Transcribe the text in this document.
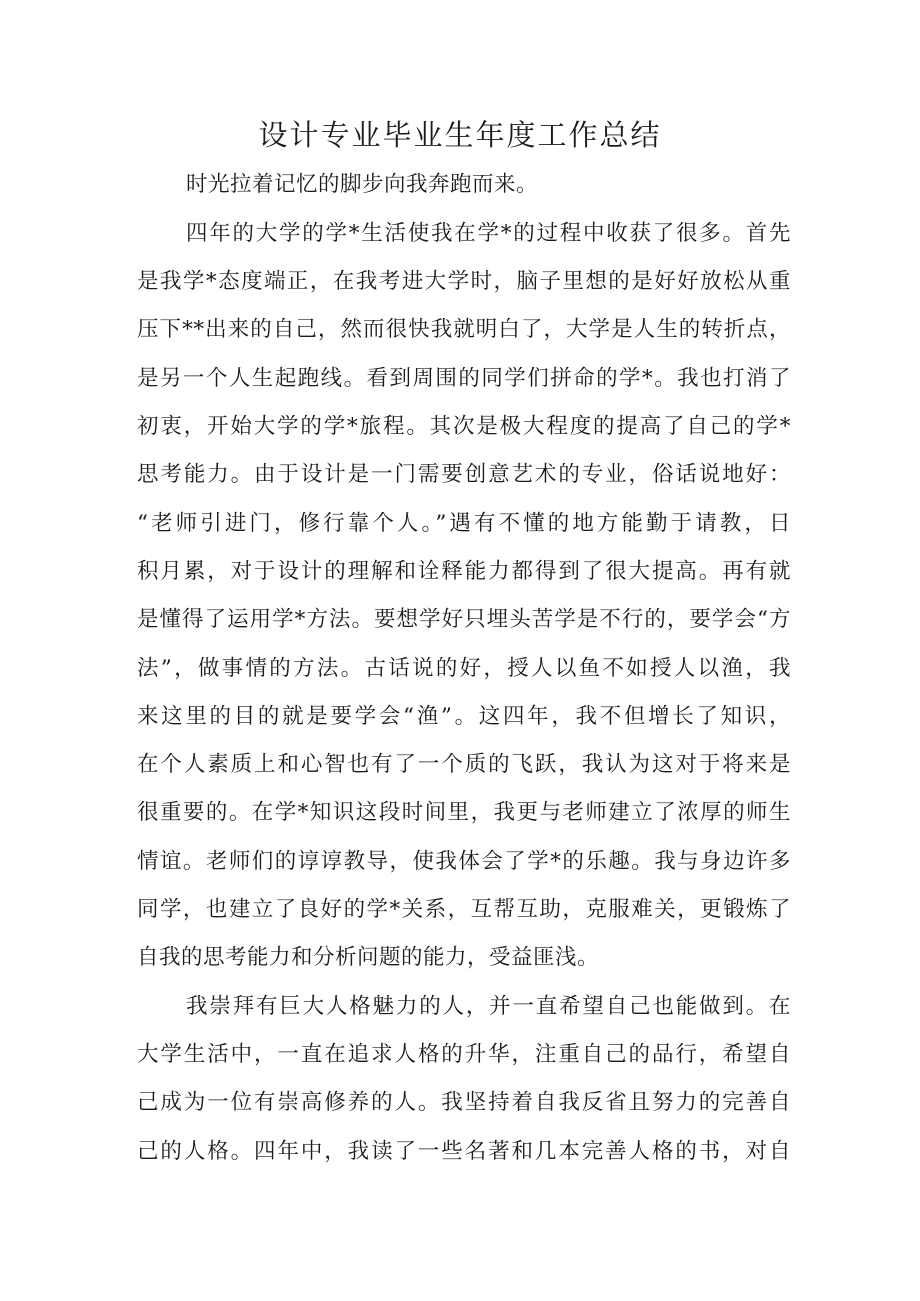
设计专业毕业生年度工作总结
时光拉着记忆的脚步向我奔跑而来。
四年的大学的学*生活使我在学*的过程中收获了很多。首先
是我学*态度端正，在我考进大学时，脑子里想的是好好放松从重
压下**出来的自己，然而很快我就明白了，大学是人生的转折点，
是另一个人生起跑线。看到周围的同学们拼命的学*。我也打消了
初衷，开始大学的学*旅程。其次是极大程度的提高了自己的学*
思考能力。由于设计是一门需要创意艺术的专业，俗话说地好：
“老师引进门，修行靠个人。”遇有不懂的地方能勤于请教，日
积月累，对于设计的理解和诠释能力都得到了很大提高。再有就
是懂得了运用学*方法。要想学好只埋头苦学是不行的，要学会“方
法”，做事情的方法。古话说的好，授人以鱼不如授人以渔，我
来这里的目的就是要学会“渔”。这四年，我不但增长了知识，
在个人素质上和心智也有了一个质的飞跃，我认为这对于将来是
很重要的。在学*知识这段时间里，我更与老师建立了浓厚的师生
情谊。老师们的谆谆教导，使我体会了学*的乐趣。我与身边许多
同学，也建立了良好的学*关系，互帮互助，克服难关，更锻炼了
自我的思考能力和分析问题的能力，受益匪浅。
我崇拜有巨大人格魅力的人，并一直希望自己也能做到。在
大学生活中，一直在追求人格的升华，注重自己的品行，希望自
己成为一位有崇高修养的人。我坚持着自我反省且努力的完善自
己的人格。四年中，我读了一些名著和几本完善人格的书，对自
